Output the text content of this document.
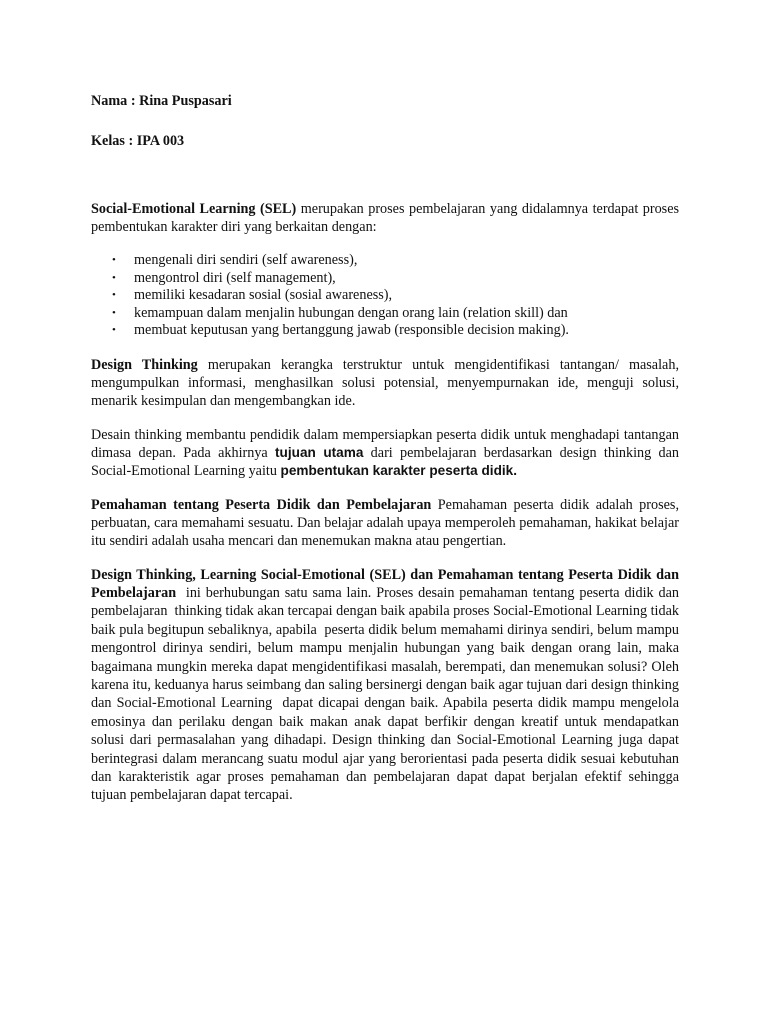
Nama : Rina Puspasari
Kelas : IPA 003

Social-Emotional Learning (SEL) merupakan proses pembelajaran yang didalamnya terdapat proses pembentukan karakter diri yang berkaitan dengan:

• mengenali diri sendiri (self awareness),
• mengontrol diri (self management),
• memiliki kesadaran sosial (sosial awareness),
• kemampuan dalam menjalin hubungan dengan orang lain (relation skill) dan
• membuat keputusan yang bertanggung jawab (responsible decision making).

Design Thinking merupakan kerangka terstruktur untuk mengidentifikasi tantangan/ masalah, mengumpulkan informasi, menghasilkan solusi potensial, menyempurnakan ide, menguji solusi, menarik kesimpulan dan mengembangkan ide.

Desain thinking membantu pendidik dalam mempersiapkan peserta didik untuk menghadapi tantangan dimasa depan. Pada akhirnya tujuan utama dari pembelajaran berdasarkan design thinking dan Social-Emotional Learning yaitu pembentukan karakter peserta didik.

Pemahaman tentang Peserta Didik dan Pembelajaran Pemahaman peserta didik adalah proses, perbuatan, cara memahami sesuatu. Dan belajar adalah upaya memperoleh pemahaman, hakikat belajar itu sendiri adalah usaha mencari dan menemukan makna atau pengertian.

Design Thinking, Learning Social-Emotional (SEL) dan Pemahaman tentang Peserta Didik dan Pembelajaran  ini berhubungan satu sama lain. Proses desain pemahaman tentang peserta didik dan pembelajaran  thinking tidak akan tercapai dengan baik apabila proses Social-Emotional Learning tidak baik pula begitupun sebaliknya, apabila  peserta didik belum memahami dirinya sendiri, belum mampu mengontrol dirinya sendiri, belum mampu menjalin hubungan yang baik dengan orang lain, maka bagaimana mungkin mereka dapat mengidentifikasi masalah, berempati, dan menemukan solusi? Oleh karena itu, keduanya harus seimbang dan saling bersinergi dengan baik agar tujuan dari design thinking dan Social-Emotional Learning  dapat dicapai dengan baik. Apabila peserta didik mampu mengelola emosinya dan perilaku dengan baik makan anak dapat berfikir dengan kreatif untuk mendapatkan solusi dari permasalahan yang dihadapi. Design thinking dan Social-Emotional Learning juga dapat berintegrasi dalam merancang suatu modul ajar yang berorientasi pada peserta didik sesuai kebutuhan dan karakteristik agar proses pemahaman dan pembelajaran dapat dapat berjalan efektif sehingga tujuan pembelajaran dapat tercapai.
